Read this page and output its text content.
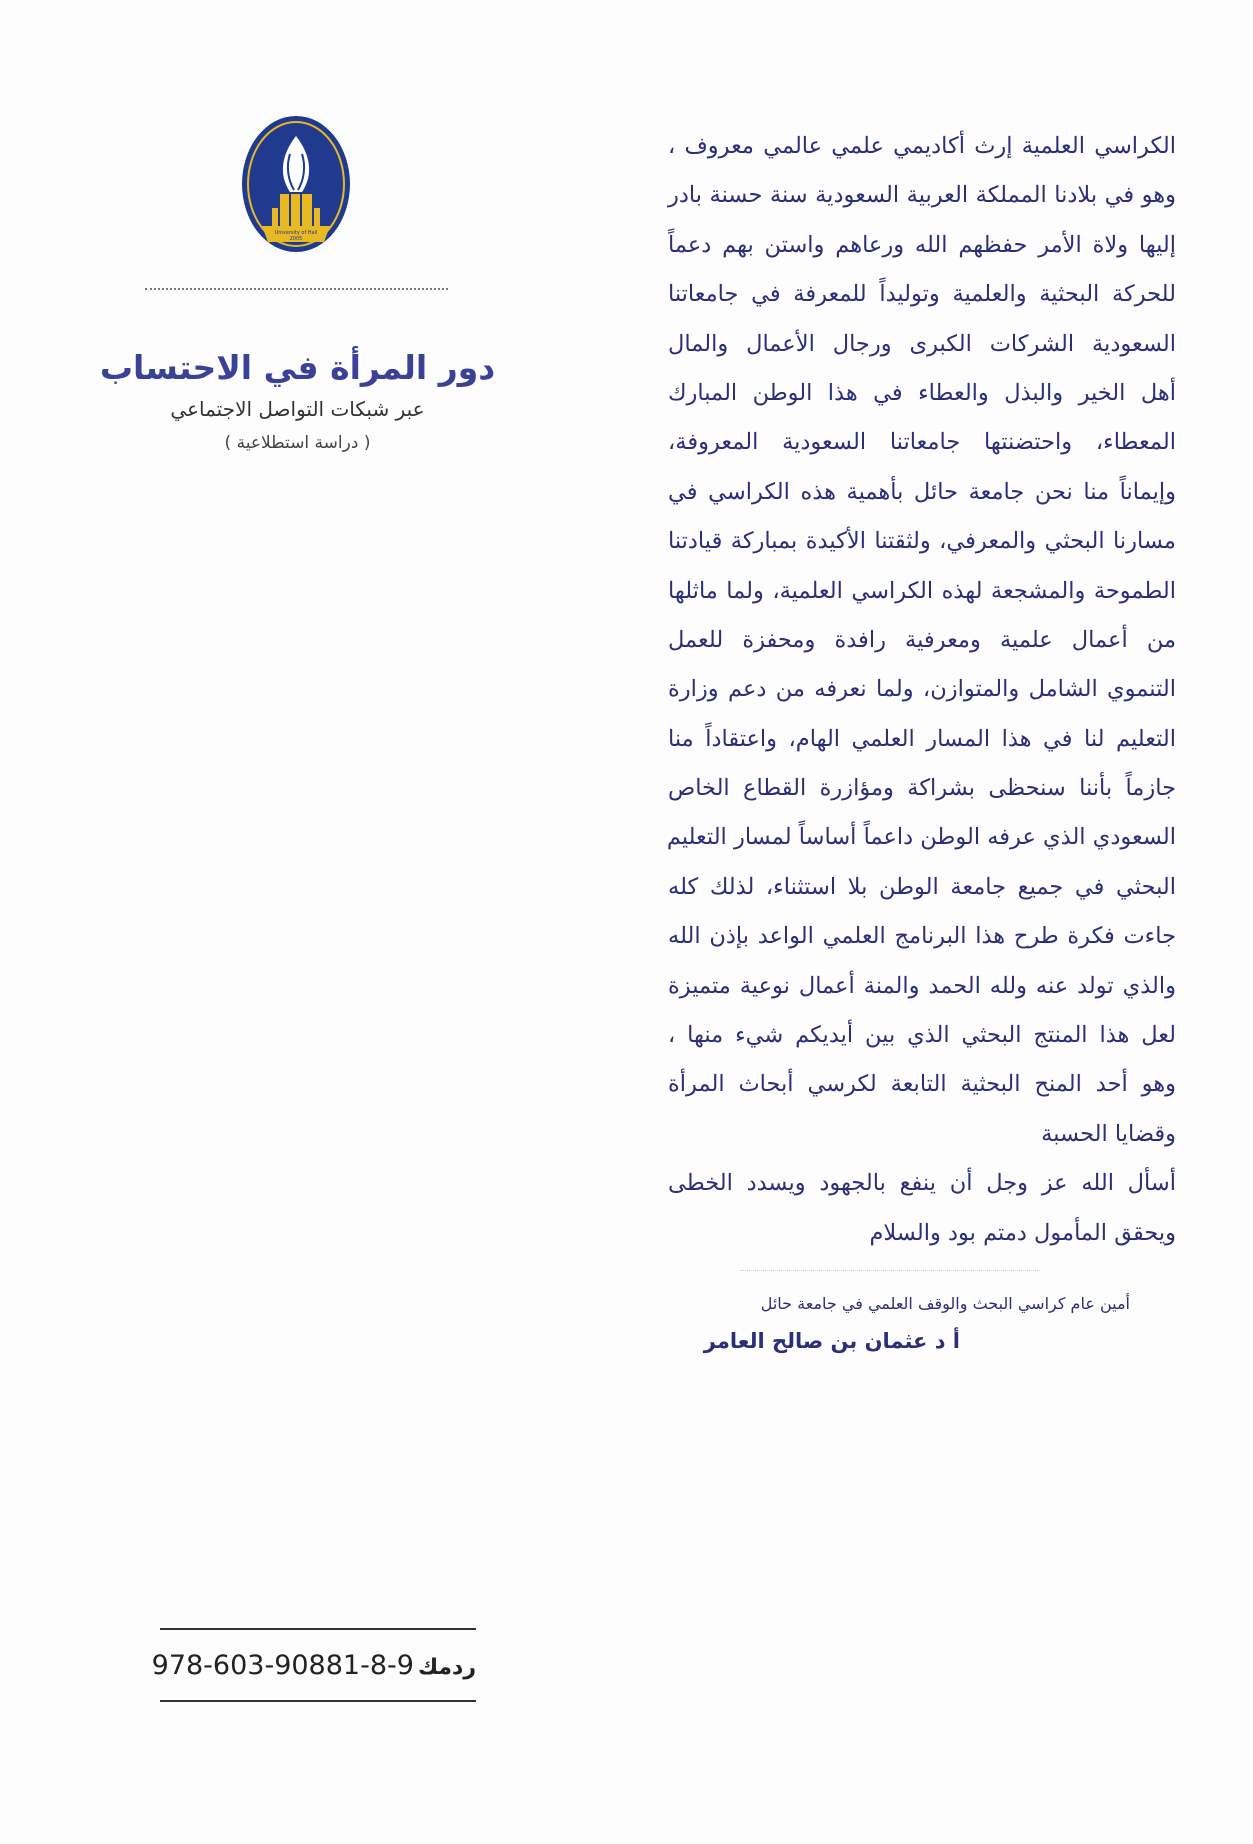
University of Hail
2005
دور المرأة في الاحتساب
عبر شبكات التواصل الاجتماعي
( دراسة استطلاعية )
الكراسي العلمية إرث أكاديمي علمي عالمي معروف ،
وهو في بلادنا المملكة العربية السعودية سنة حسنة بادر
إليها ولاة الأمر حفظهم الله ورعاهم واستن بهم دعماً
للحركة البحثية والعلمية وتوليداً للمعرفة في جامعاتنا
السعودية الشركات الكبرى ورجال الأعمال والمال
أهل الخير والبذل والعطاء في هذا الوطن المبارك
المعطاء، واحتضنتها جامعاتنا السعودية المعروفة،
وإيماناً منا نحن جامعة حائل بأهمية هذه الكراسي في
مسارنا البحثي والمعرفي، ولثقتنا الأكيدة بمباركة قيادتنا
الطموحة والمشجعة لهذه الكراسي العلمية، ولما ماثلها
من أعمال علمية ومعرفية رافدة ومحفزة للعمل
التنموي الشامل والمتوازن، ولما نعرفه من دعم وزارة
التعليم لنا في هذا المسار العلمي الهام، واعتقاداً منا
جازماً بأننا سنحظى بشراكة ومؤازرة القطاع الخاص
السعودي الذي عرفه الوطن داعماً أساساً لمسار التعليم
البحثي في جميع جامعة الوطن بلا استثناء، لذلك كله
جاءت فكرة طرح هذا البرنامج العلمي الواعد بإذن الله
والذي تولد عنه ولله الحمد والمنة أعمال نوعية متميزة
لعل هذا المنتج البحثي الذي بين أيديكم شيء منها ،
وهو أحد المنح البحثية التابعة لكرسي أبحاث المرأة
وقضايا الحسبة
أسأل الله عز وجل أن ينفع بالجهود ويسدد الخطى
ويحقق المأمول دمتم بود والسلام
أمين عام كراسي البحث والوقف العلمي في جامعة حائل
أ د عثمان بن صالح العامر
978-603-90881-8-9 ردمك
